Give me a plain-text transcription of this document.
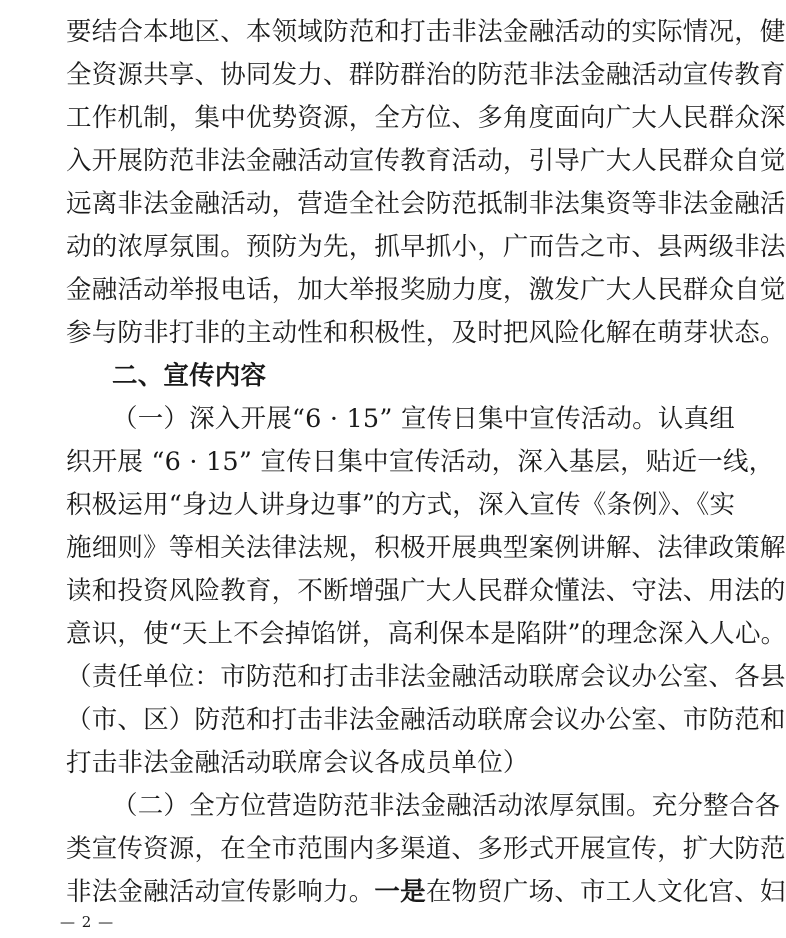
要结合本地区、本领域防范和打击非法金融活动的实际情况，健
全资源共享、协同发力、群防群治的防范非法金融活动宣传教育
工作机制，集中优势资源，全方位、多角度面向广大人民群众深
入开展防范非法金融活动宣传教育活动，引导广大人民群众自觉
远离非法金融活动，营造全社会防范抵制非法集资等非法金融活
动的浓厚氛围。预防为先，抓早抓小，广而告之市、县两级非法
金融活动举报电话，加大举报奖励力度，激发广大人民群众自觉
参与防非打非的主动性和积极性，及时把风险化解在萌芽状态。
二、宣传内容
（一）深入开展“6 · 15” 宣传日集中宣传活动。认真组
织开展 “6 · 15” 宣传日集中宣传活动，深入基层，贴近一线，
积极运用“身边人讲身边事”的方式，深入宣传《条例》、《实
施细则》等相关法律法规，积极开展典型案例讲解、法律政策解
读和投资风险教育，不断增强广大人民群众懂法、守法、用法的
意识，使“天上不会掉馅饼，高利保本是陷阱”的理念深入人心。
（责任单位：市防范和打击非法金融活动联席会议办公室、各县
（市、区）防范和打击非法金融活动联席会议办公室、市防范和
打击非法金融活动联席会议各成员单位）
（二）全方位营造防范非法金融活动浓厚氛围。充分整合各
类宣传资源，在全市范围内多渠道、多形式开展宣传，扩大防范
非法金融活动宣传影响力。 一是 在物贸广场、市工人文化宫、妇
— 2 —
